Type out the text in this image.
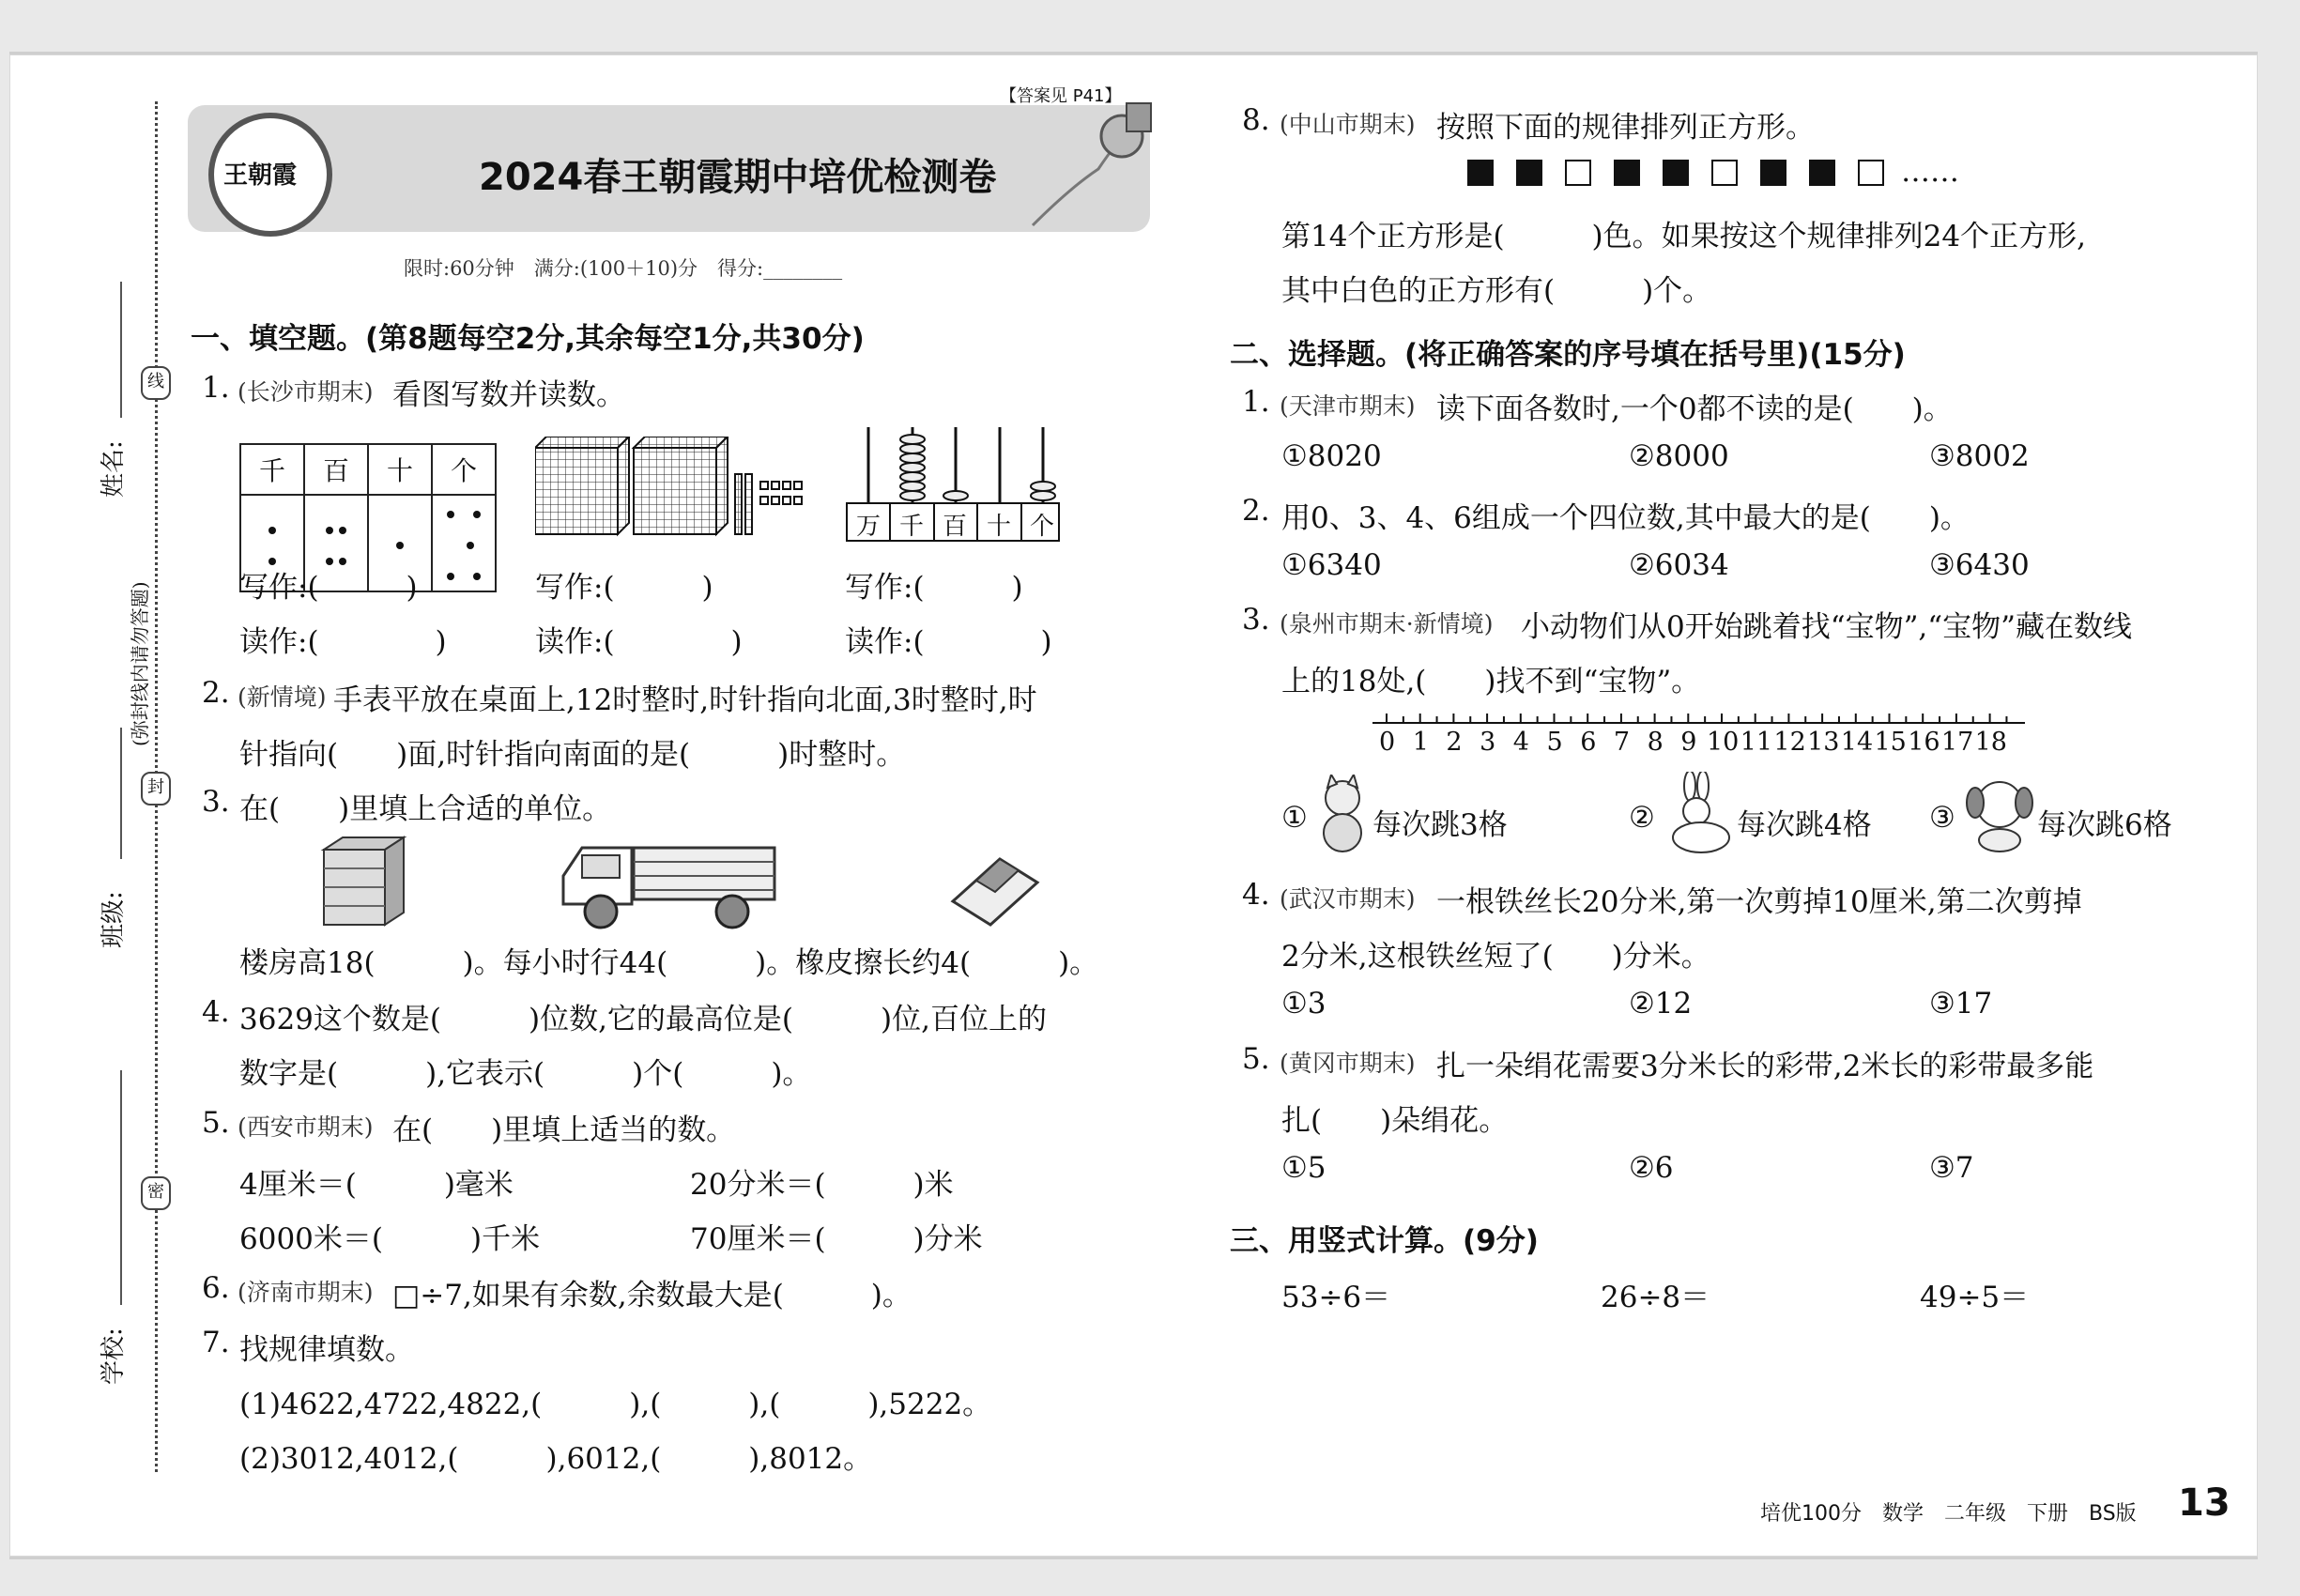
姓名:
班级:
学校:
(弥封线内请勿答题)
线
封
密
王朝霞
【答案见 P41】
2024春王朝霞期中培优检测卷
限时:60分钟　满分:(100＋10)分　得分:________
一、填空题。(第8题每空2分,其余每空1分,共30分)
1. (长沙市期末) 看图写数并读数。
千	百	十	个

万 千 百 十 个
写作:(　　　)	写作:(　　　)	写作:(　　　)
读作:(　　　　)	读作:(　　　　)	读作:(　　　　)
2. (新情境) 手表平放在桌面上,12时整时,时针指向北面,3时整时,时
针指向(　　)面,时针指向南面的是(　　　)时整时。
3. 在(　　)里填上合适的单位。
楼房高18(　　　)。每小时行44(　　　)。橡皮擦长约4(　　　)。
4. 3629这个数是(　　　)位数,它的最高位是(　　　)位,百位上的
数字是(　　　),它表示(　　　)个(　　　)。
5. (西安市期末) 在(　　)里填上适当的数。
4厘米＝(　　　)毫米	20分米＝(　　　)米
6000米＝(　　　)千米	70厘米＝(　　　)分米
6. (济南市期末) □÷7,如果有余数,余数最大是(　　　)。
7. 找规律填数。
(1)4622,4722,4822,(　　　),(　　　),(　　　),5222。
(2)3012,4012,(　　　),6012,(　　　),8012。
8. (中山市期末) 按照下面的规律排列正方形。
……
第14个正方形是(　　　)色。如果按这个规律排列24个正方形,
其中白色的正方形有(　　　)个。
二、选择题。(将正确答案的序号填在括号里)(15分)
1. (天津市期末) 读下面各数时,一个0都不读的是(　　)。
①8020	②8000	③8002
2. 用0、3、4、6组成一个四位数,其中最大的是(　　)。
①6340	②6034	③6430
3. (泉州市期末·新情境) 小动物们从0开始跳着找“宝物”,“宝物”藏在数线
上的18处,(　　)找不到“宝物”。
0 1 2 3 4 5 6 7 8 9 10 11 12 13 14 15 16 17 18
① 每次跳3格	②	每次跳4格 ③	每次跳6格
4. (武汉市期末) 一根铁丝长20分米,第一次剪掉10厘米,第二次剪掉
2分米,这根铁丝短了(　　)分米。
①3	②12	③17
5. (黄冈市期末) 扎一朵绢花需要3分米长的彩带,2米长的彩带最多能
扎(　　)朵绢花。
①5	②6	③7
三、用竖式计算。(9分)
53÷6＝	26÷8＝	49÷5＝
培优100分　数学　二年级　下册　BS版 13
